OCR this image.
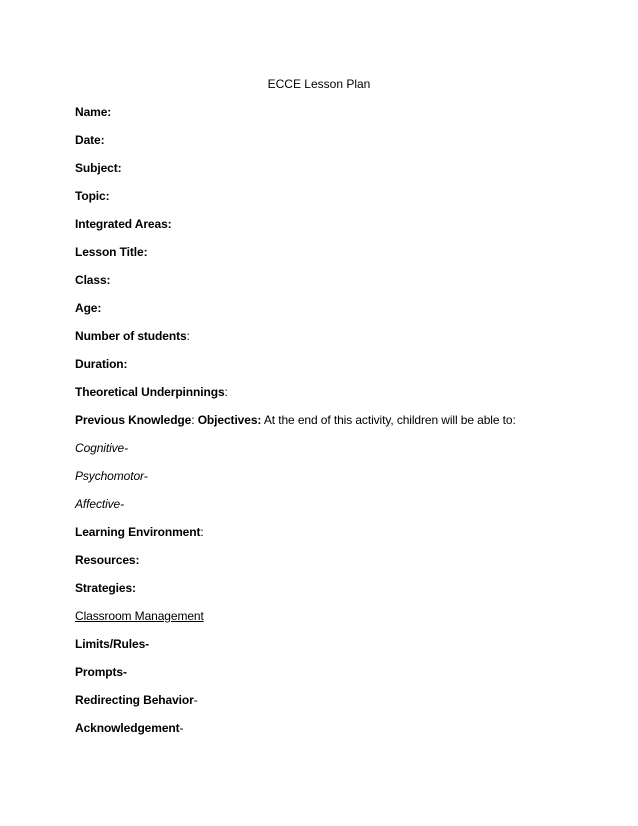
ECCE Lesson Plan
Name:
Date:
Subject:
Topic:
Integrated Areas:
Lesson Title:
Class:
Age:
Number of students:
Duration:
Theoretical Underpinnings:
Previous Knowledge: Objectives: At the end of this activity, children will be able to:
Cognitive-
Psychomotor-
Affective-
Learning Environment:
Resources:
Strategies:
Classroom Management
Limits/Rules-
Prompts-
Redirecting Behavior-
Acknowledgement-
